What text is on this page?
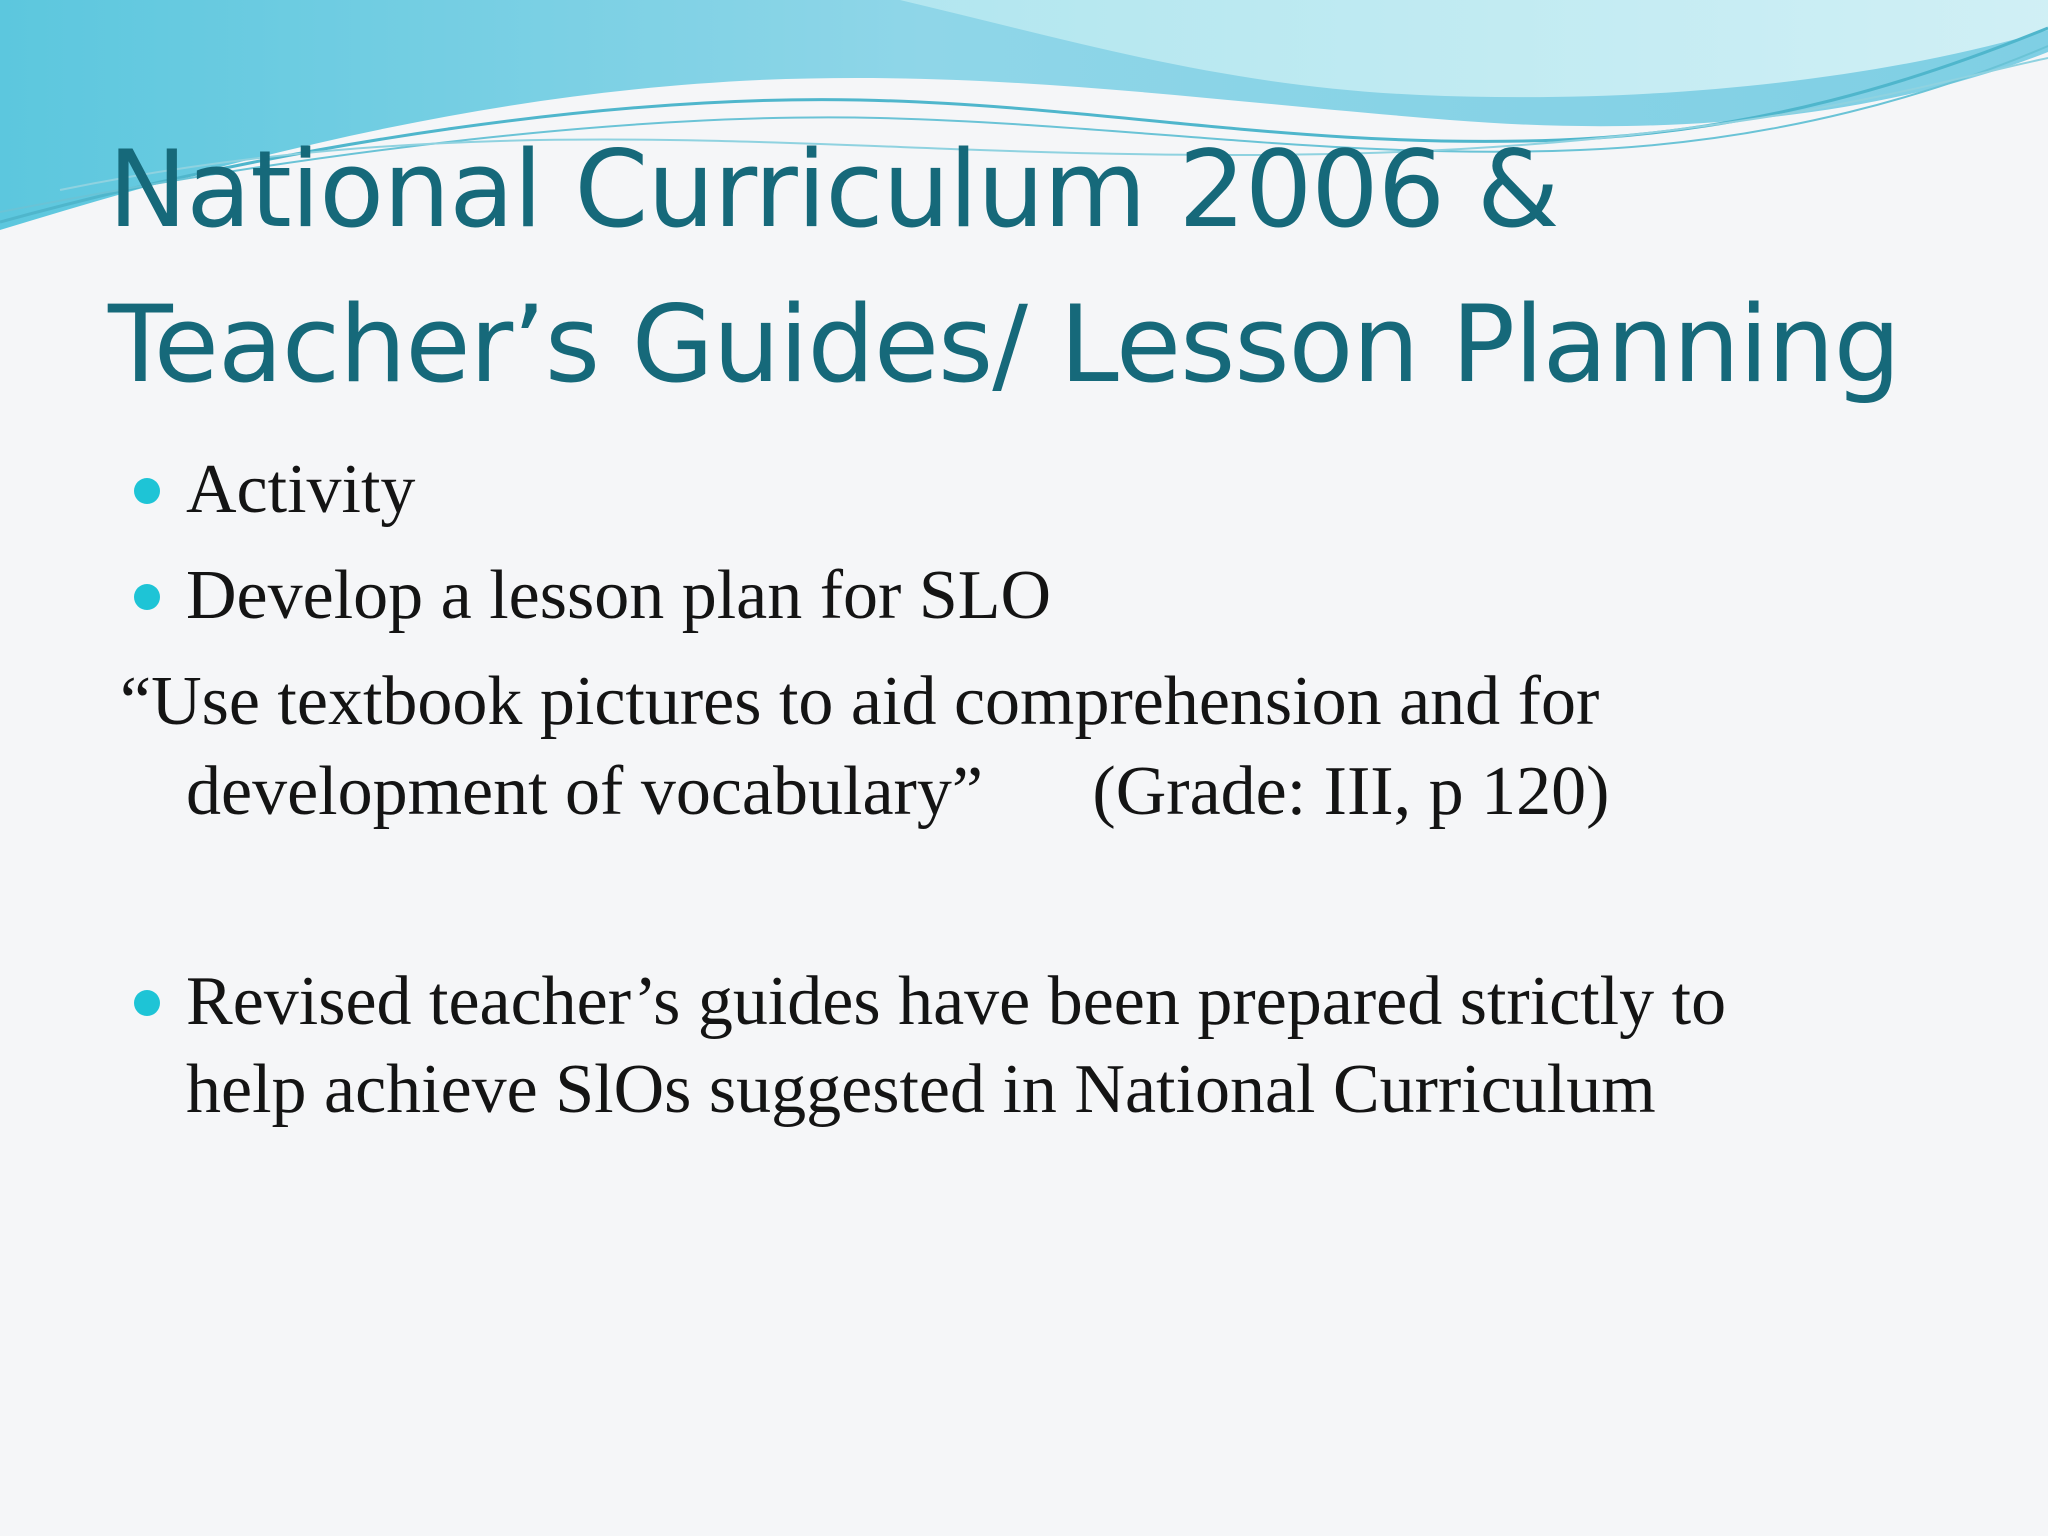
National Curriculum 2006 &
Teacher’s Guides/ Lesson Planning
Activity
Develop a lesson plan for SLO
“Use textbook pictures to aid comprehension and for
development of vocabulary” (Grade: III, p 120)
Revised teacher’s guides have been prepared strictly to
help achieve SlOs suggested in National Curriculum
